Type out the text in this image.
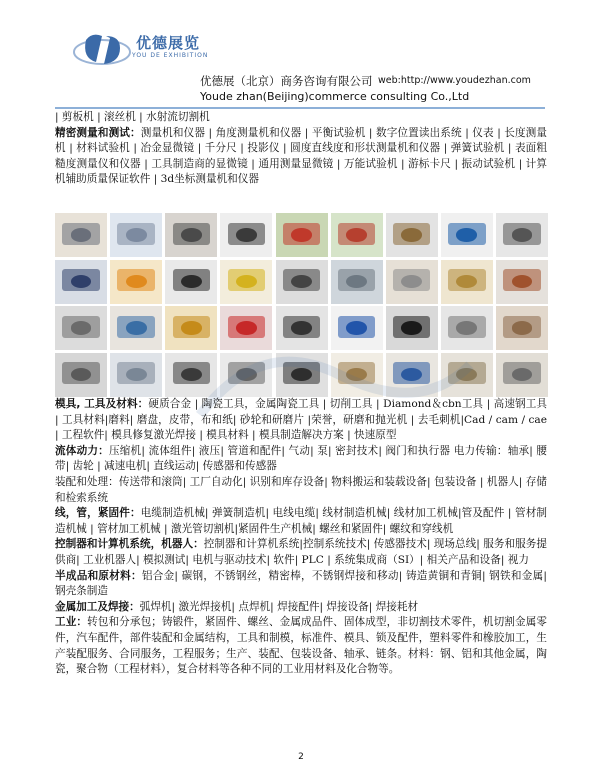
优德展览
YOU DE EXHIBITION
优德展（北京）商务咨询有限公司 web:http://www.youdezhan.com
Youde zhan(Beijing)commerce consulting Co.,Ltd

| 剪板机 | 滚丝机 | 水射流切割机

精密测量和测试：测量机和仪器 | 角度测量机和仪器 | 平衡试验机 | 数字位置读出系统 | 仪表 | 长度测量机 | 材料试验机 | 冶金显微镜 | 千分尺 | 投影仪 | 圆度直线度和形状测量机和仪器 | 弹簧试验机 | 表面粗糙度测量仪和仪器 | 工具制造商的显微镜 | 通用测量显微镜 | 万能试验机 | 游标卡尺 | 振动试验机 | 计算机辅助质量保证软件 | 3d坐标测量机和仪器

模具, 工具及材料：硬质合金 | 陶瓷工具，金属陶瓷工具 | 切削工具 | Diamond＆cbn工具 | 高速钢工具 | 工具材料|磨料| 磨盘，皮带，布和纸| 砂轮和研磨片 |荣誉，研磨和抛光机 | 去毛刺机|Cad / cam / cae | 工程软件| 模具修复激光焊接 | 模具材料 | 模具制造解决方案 | 快速原型

流体动力：压缩机| 流体组件| 液压| 管道和配件| 气动| 泵| 密封技术| 阀门和执行器 电力传输：轴承| 腰带| 齿轮 | 减速电机| 直线运动| 传感器和传感器

装配和处理：传送带和滚筒| 工厂自动化| 识别和库存设备| 物料搬运和装载设备| 包装设备 | 机器人| 存储和检索系统

线，管，紧固件：电缆制造机械| 弹簧制造机| 电线电缆| 线材制造机械| 线材加工机械|管及配件 | 管材制造机械 | 管材加工机械 | 激光管切割机|紧固件生产机械| 螺丝和紧固件| 螺纹和穿线机

控制器和计算机系统，机器人：控制器和计算机系统|控制系统技术| 传感器技术| 现场总线| 服务和服务提供商| 工业机器人| 模拟测试| 电机与驱动技术| 软件| PLC | 系统集成商（SI）| 相关产品和设备| 视力

半成品和原材料：铝合金| 碳钢，不锈钢丝，精密棒，不锈钢焊接和移动| 铸造黄铜和青铜| 钢铁和金属| 钢壳条制造

金属加工及焊接：弧焊机| 激光焊接机| 点焊机| 焊接配件| 焊接设备| 焊接耗材

工业：转包和分承包；铸锻件，紧固件、螺丝、金属成品件、固体成型，非切割技术零件，机切割金属零件，汽车配件，部件装配和金属结构，工具和制模，标准件、模具、锁及配件，塑料零件和橡胶加工，生产装配服务、合同服务，工程服务；生产、装配、包装设备、轴承、链条。材料：钢、铝和其他金属，陶瓷，聚合物（工程材料），复合材料等各种不同的工业用材料及化合物等。

2
